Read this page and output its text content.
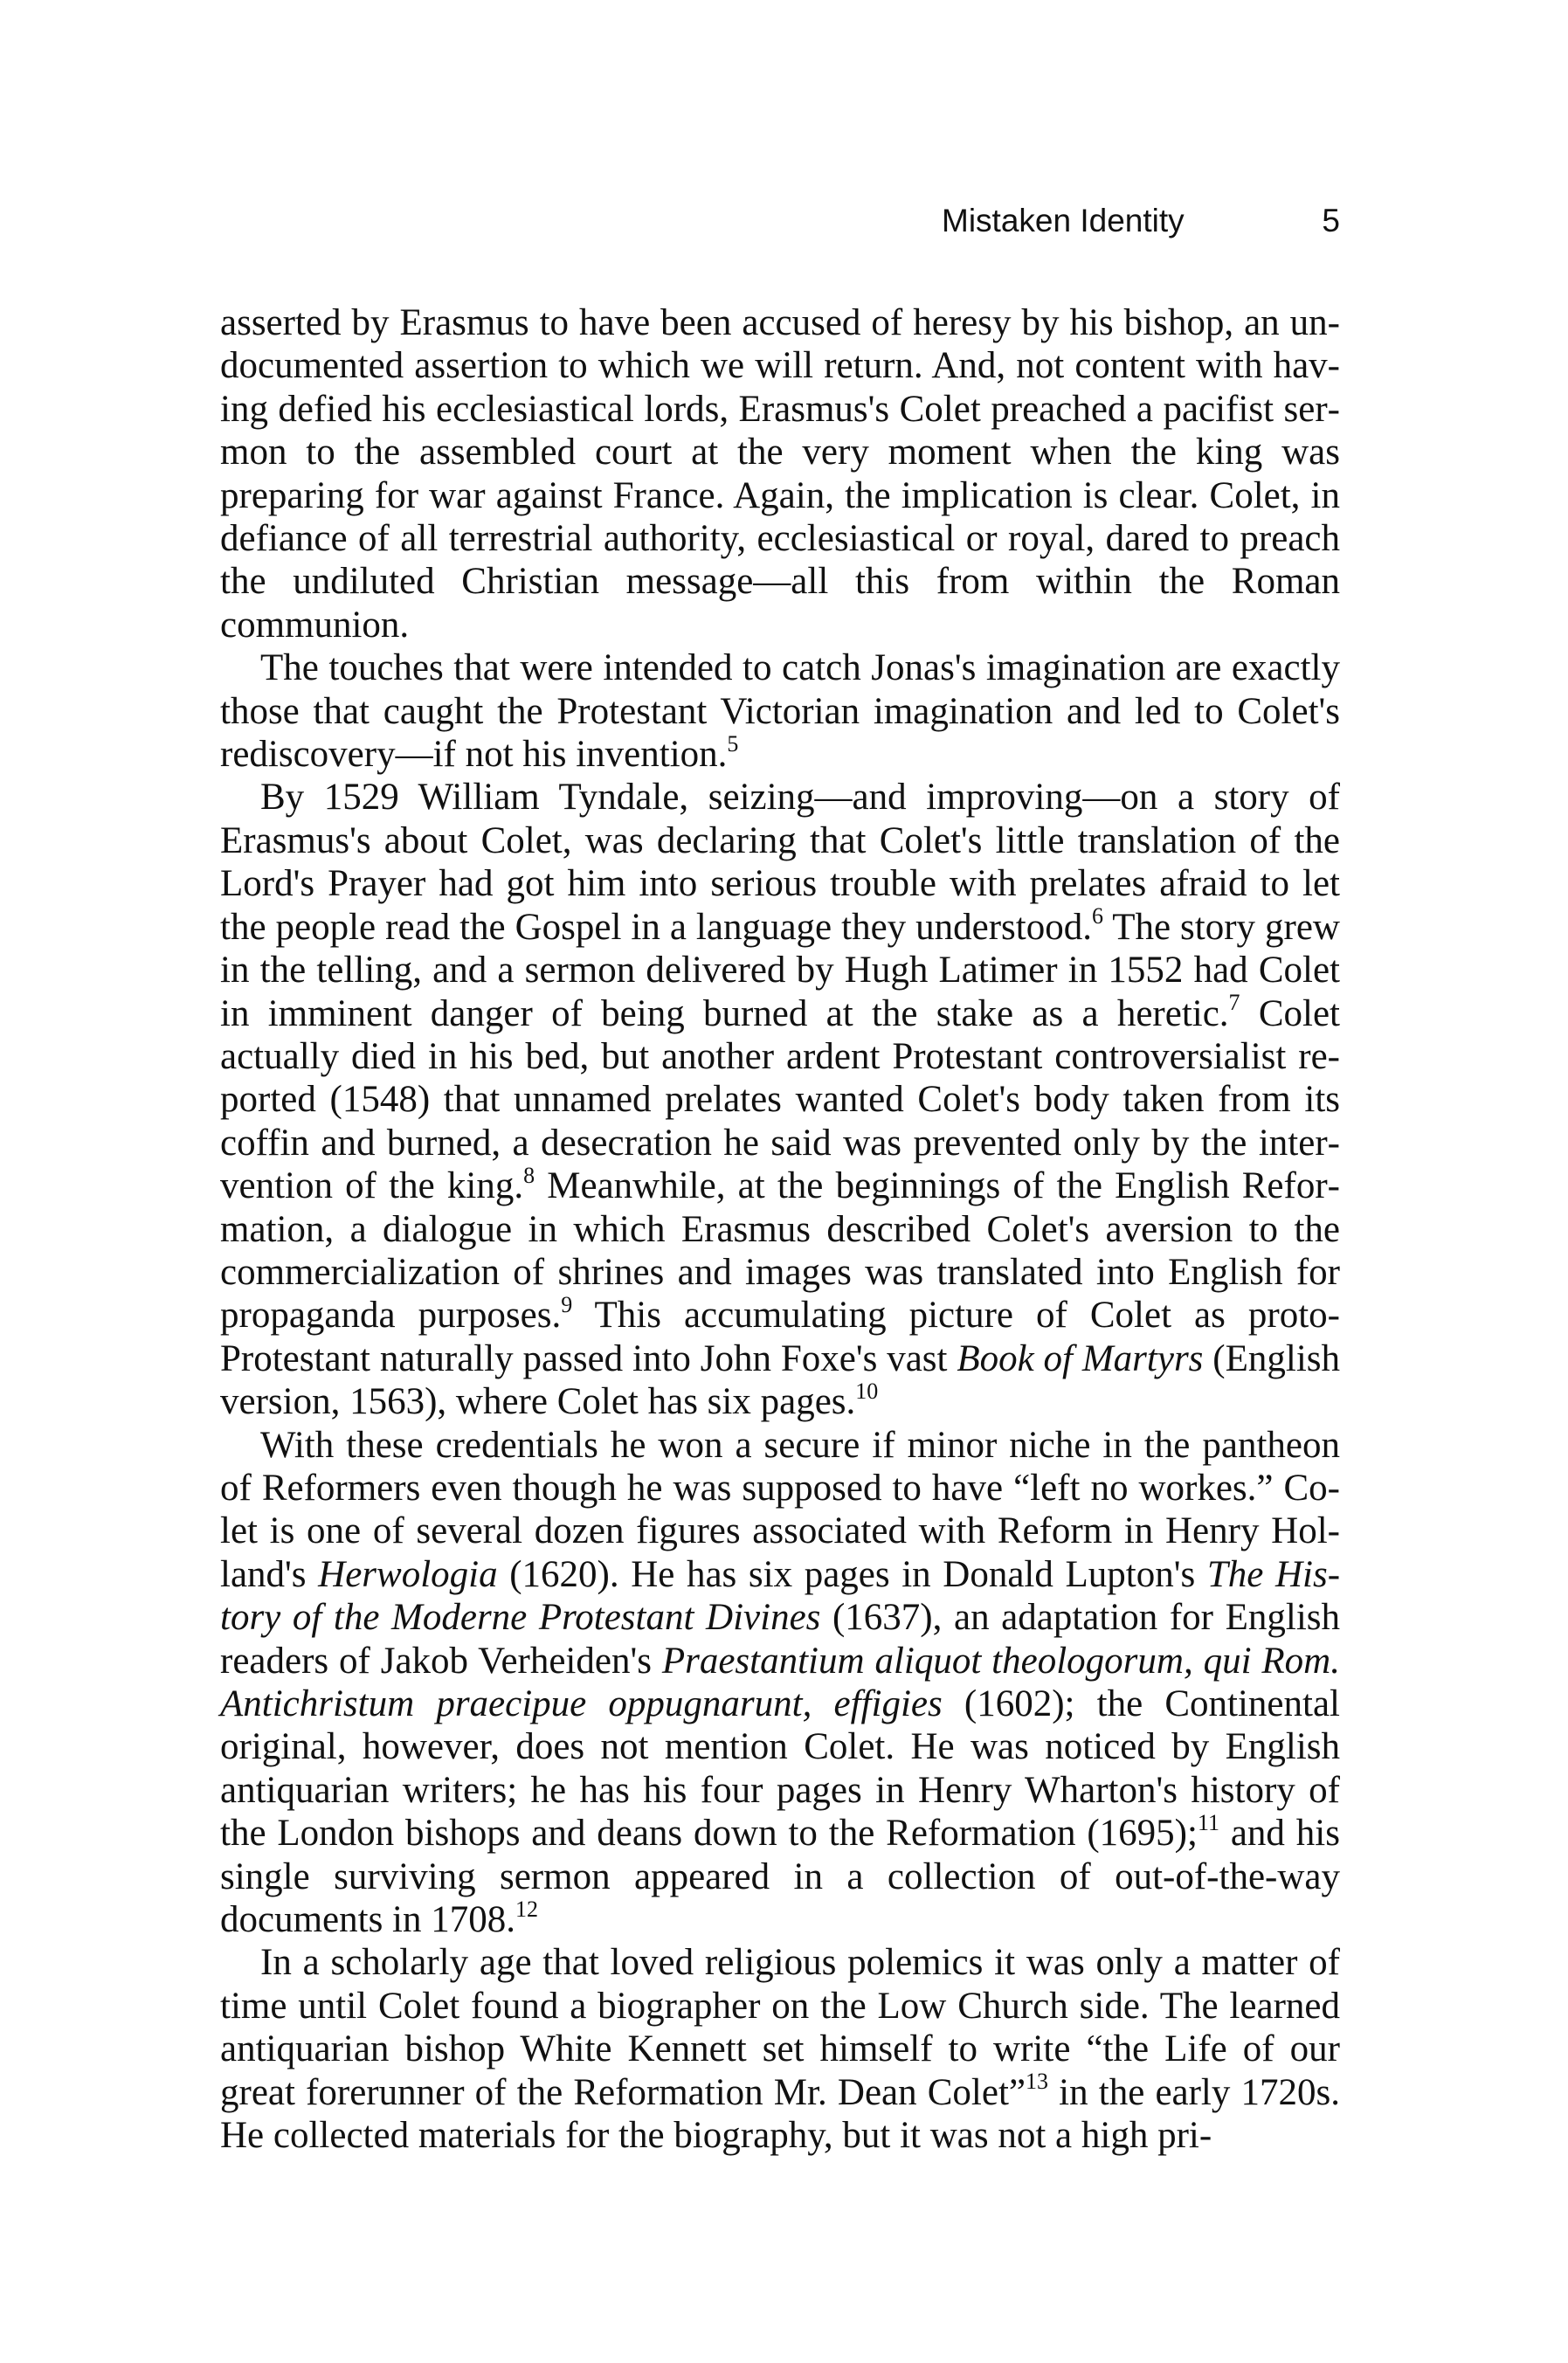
Mistaken Identity	5

asserted by Erasmus to have been accused of heresy by his bishop, an undocumented assertion to which we will return. And, not content with having defied his ecclesiastical lords, Erasmus's Colet preached a pacifist sermon to the assembled court at the very moment when the king was preparing for war against France. Again, the implication is clear. Colet, in defiance of all terrestrial authority, ecclesiastical or royal, dared to preach the undiluted Christian message—all this from within the Roman communion.

The touches that were intended to catch Jonas's imagination are exactly those that caught the Protestant Victorian imagination and led to Colet's rediscovery—if not his invention.$^5$

By 1529 William Tyndale, seizing—and improving—on a story of Erasmus's about Colet, was declaring that Colet's little translation of the Lord's Prayer had got him into serious trouble with prelates afraid to let the people read the Gospel in a language they understood.$^6$ The story grew in the telling, and a sermon delivered by Hugh Latimer in 1552 had Colet in imminent danger of being burned at the stake as a heretic.$^7$ Colet actually died in his bed, but another ardent Protestant controversialist reported (1548) that unnamed prelates wanted Colet's body taken from its coffin and burned, a desecration he said was prevented only by the intervention of the king.$^8$ Meanwhile, at the beginnings of the English Reformation, a dialogue in which Erasmus described Colet's aversion to the commercialization of shrines and images was translated into English for propaganda purposes.$^9$ This accumulating picture of Colet as proto-Protestant naturally passed into John Foxe's vast Book of Martyrs (English version, 1563), where Colet has six pages.$^{10}$

With these credentials he won a secure if minor niche in the pantheon of Reformers even though he was supposed to have “left no workes.” Colet is one of several dozen figures associated with Reform in Henry Holland's Herwologia (1620). He has six pages in Donald Lupton's The History of the Moderne Protestant Divines (1637), an adaptation for English readers of Jakob Verheiden's Praestantium aliquot theologorum, qui Rom. Antichristum praecipue oppugnarunt, effigies (1602); the Continental original, however, does not mention Colet. He was noticed by English antiquarian writers; he has his four pages in Henry Wharton's history of the London bishops and deans down to the Reformation (1695);$^{11}$ and his single surviving sermon appeared in a collection of out-of-the-way documents in 1708.12

In a scholarly age that loved religious polemics it was only a matter of time until Colet found a biographer on the Low Church side. The learned antiquarian bishop White Kennett set himself to write “the Life of our great forerunner of the Reformation Mr. Dean Colet”$^{13}$ in the early 1720s. He collected materials for the biography, but it was not a high pri-
